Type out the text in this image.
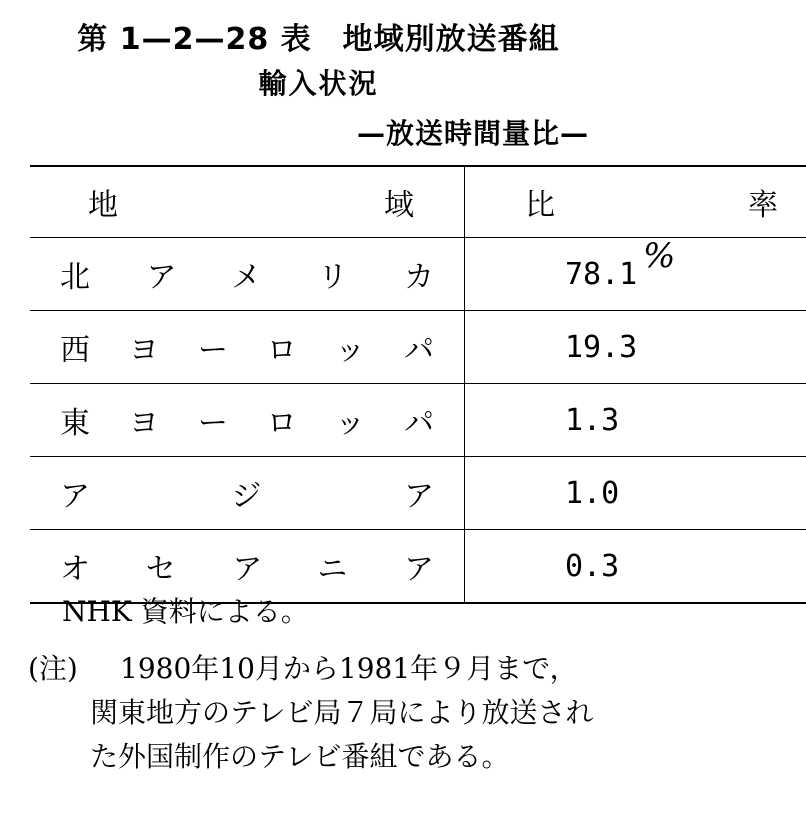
第 1—2—28 表　地域別放送番組
輸入状況
—放送時間量比—
地　域	比　率
北アメリカ	78.1 %

西ヨーロッパ	19.3
東ヨーロッパ	1.3
アジア	1.0
オセアニア	0.3
NHK 資料による。
(注)	1980年10月から1981年９月まで，
関東地方のテレビ局７局により放送された外国制作のテレビ番組である。
